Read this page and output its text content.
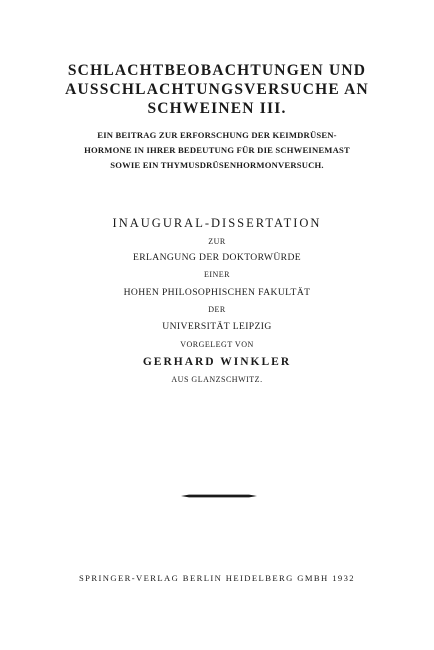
SCHLACHTBEOBACHTUNGEN UND
AUSSCHLACHTUNGSVERSUCHE AN
SCHWEINEN III.
EIN BEITRAG ZUR ERFORSCHUNG DER KEIMDRÜSEN-
HORMONE IN IHRER BEDEUTUNG FÜR DIE SCHWEINEMAST
SOWIE EIN THYMUSDRÜSENHORMONVERSUCH.
INAUGURAL-DISSERTATION
ZUR
ERLANGUNG DER DOKTORWÜRDE
EINER
HOHEN PHILOSOPHISCHEN FAKULTÄT
DER
UNIVERSITÄT LEIPZIG
VORGELEGT VON
GERHARD WINKLER
AUS GLANZSCHWITZ.
SPRINGER-VERLAG BERLIN HEIDELBERG GMBH 1932
